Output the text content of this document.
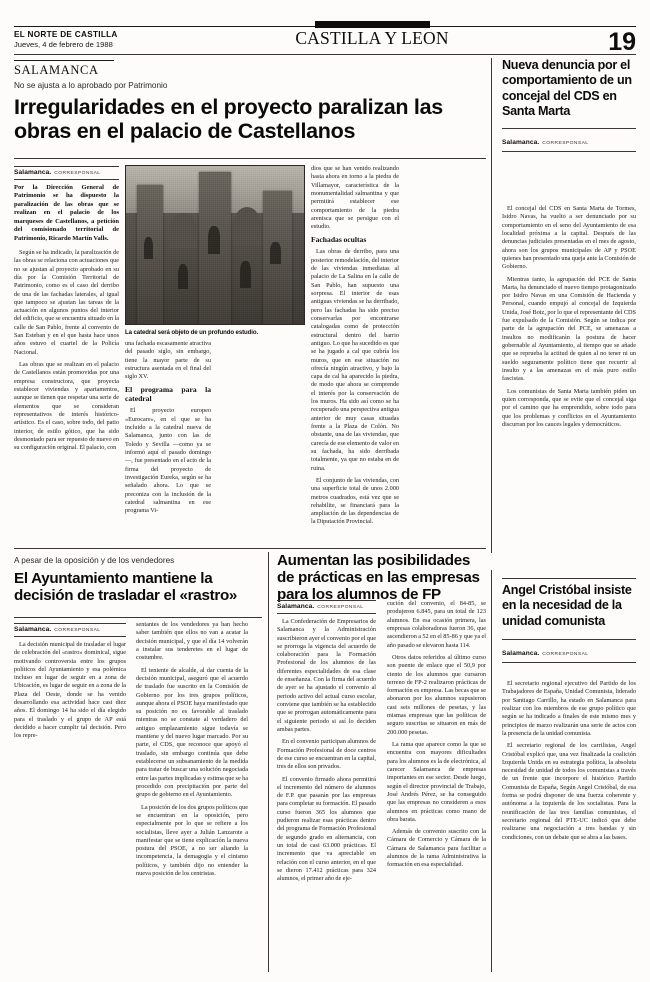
EL NORTE DE CASTILLA
Jueves, 4 de febrero de 1988	CASTILLA Y LEON	19
SALAMANCA
No se ajusta a lo aprobado por Patrimonio
Irregularidades en el proyecto paralizan las obras en el palacio de Castellanos
Salamanca. CORRESPONSAL

Por la Dirección General de Patrimonio se ha dispuesto la paralización de las obras que se realizan en el palacio de los marqueses de Castellanos, a petición del comisionado territorial de Patrimonio, Ricardo Martín Valls.

Según se ha indicado, la paralización de las obras se relaciona con actuaciones que no se ajustan al proyecto aprobado en su día por la Comisión Territorial de Patrimonio, como es el caso del derribo de una de las fachadas laterales, al igual que tampoco se ajustan las tareas de la actuación en algunos puntos del interior del edificio, que se encuentra situado en la calle de San Pablo, frente al convento de San Esteban y en el que hasta hace unos años estuvo el cuartel de la Policía Nacional.

Las obras que se realizan en el palacio de Castellanos están promovidas por una empresa constructora, que proyecta establecer viviendas y apartamentos, aunque se tienen que respetar una serie de elementos que se consideran representativos de interés histórico-artístico. Es el caso, sobre todo, del patio interior, de estilo gótico, que ha sido desmontado para ser repuesto de nuevo en su configuración original. El palacio, con

La catedral será objeto de un profundo estudio.

una fachada escasamente atractiva del pasado siglo, sin embargo, tiene la mayor parte de su estructura asentada en el final del siglo XV.

El programa para la catedral

El proyecto europeo «Eurocare», en el que se ha incluido a la catedral nueva de Salamanca, junto con las de Toledo y Sevilla —como ya se informó aquí el pasado domingo—, fue presentado en el acto de la firma del proyecto de investigación Eureka, según se ha señalado ahora. Lo que se preconiza con la inclusión de la catedral salmantina en ese programa Vi-

dios que se han venido realizando hasta ahora en torno a la piedra de Villamayor, característica de la monumentalidad salmantina y que permitirá establecer ese comportamiento de la piedra arenisca que se persigue con el estudio.

Fachadas ocultas

Las obras de derribo, para una posterior remodelación, del interior de las viviendas inmediatas al palacio de La Salina en la calle de San Pablo, han supuesto una sorpresa. El interior de esas antiguas viviendas se ha derribado, pero las fachadas ha sido preciso conservarlas por encontrarse catalogadas como de protección estructural dentro del barrio antiguo. Lo que ha sucedido es que se ha jugado a cal que cubría los muros, que en ese situación no ofrecía ningún atractivo, y bajo la capa de cal ha aparecido la piedra, de modo que ahora se comprende el interés por la conservación de los muros. Ha sido así como se ha recuperado una perspectiva antigua anterior de muy casas situadas frente a la Plaza de Colón. No obstante, una de las viviendas, que carecía de ese elemento de valor en su fachada, ha sido derribada totalmente, ya que no estaba en de ruina.

El conjunto de las viviendas, con una superficie total de unos 2.000 metros cuadrados, está vez que se rehabilite, se financiará para la ampliación de las dependencias de la Diputación Provincial.

Nueva denuncia por el comportamiento de un concejal del CDS en Santa Marta
Salamanca. CORRESPONSAL

El concejal del CDS en Santa Marta de Tormes, Isidro Navas, ha vuelto a ser denunciado por su comportamiento en el seno del Ayuntamiento de esa localidad próxima a la capital. Después de las denuncias judiciales presentadas en el mes de agosto, ahora son los grupos municipales de AP y PSOE quienes han presentado una queja ante la Comisión de Gobierno.

Mientras tanto, la agrupación del PCE de Santa Marta, ha denunciado el nuevo tiempo protagonizado por Isidro Navas en una Comisión de Hacienda y Personal, cuando empujó al concejal de Izquierda Unida, José Boiz, por lo que el representante del CDS fue expulsado de la Comisión. Según se indica por parte de la agrupación del PCE, se amenazas a insultos no modificarán la postura de hacer gobernable al Ayuntamiento, al tiempo que se añade que se reprueba la actitud de quien al no tener ni un sueldo seguramente político tiene que recurrir al insulto y a las amenazas en el más puro estilo fascistas.

Los comunistas de Santa Marta también piden un quien corresponda, que se evite que el concejal siga por el camino que ha emprendido, sobre todo para que los problemas y conflictos en el Ayuntamiento discurran por los cauces legales y democráticos.

A pesar de la oposición y de los vendedores
El Ayuntamiento mantiene la decisión de trasladar el «rastro»
Salamanca. CORRESPONSAL

La decisión municipal de trasladar el lugar de celebración del «rastro» dominical, sigue motivando controversia entre los grupos políticos del Ayuntamiento y esa polémica incluso en lugar de seguir en a zona de Ubicación, es lugar de seguir en a zona de la Plaza del Oeste, donde se ha venido desarrollando esa actividad hace casi diez años. El domingo 14 ha sido el día elegido para el traslado y el grupo de AP está decidido a hacer cumplir tal decisión. Pero los repre-

sentantes de los vendedores ya han hecho saber también que ellos no van a acatar la decisión municipal, y que el día 14 volverán a instalar sus tenderetes en el lugar de costumbre.

El teniente de alcalde, al dar cuenta de la decisión municipal, aseguró que el acuerdo de traslado fue suscrito en la Comisión de Gobierno por los tres grupos políticos, aunque ahora el PSOE haya manifestado que su posición no es favorable al traslado mientras no se constate al verdadero del antiguo emplazamiento sigue todavía se mantiene y del nuevo lugar marcado. Por su parte, el CDS, que reconoce que apoyó el traslado, sin embargo continúa que debe establecerse un subsanamiento de la medida para tratar de buscar una solución negociada entre las partes implicadas y estima que se ha procedido con precipitación por parte del grupo de gobierno en el Ayuntamiento.

La posición de los dos grupos políticos que se encuentran en la oposición, pero especialmente por lo que se refiere a los socialistas, lleve ayer a Julián Lanzarote a manifestar que se tiene explicación la nueva postura del PSOE, a no ser aliando la incompetencia, la demagogia y el cinismo políticos, y también dijo no entender la nueva posición de los centristas.

Aumentan las posibilidades de prácticas en las empresas para los alumnos de FP
Salamanca. CORRESPONSAL

La Confederación de Empresarios de Salamanca y la Administración suscribieron ayer el convenio por el que se prorroga la vigencia del acuerdo de colaboración para la Formación Profesional de los alumnos de las diferentes especialidades de esa clase de enseñanza. Con la firma del acuerdo de ayer se ha ajustado el convenio al periodo activo del actual curso escolar, conviene que también se ha establecido que se prorrogan automáticamente para el siguiente periodo si así lo deciden ambas partes.

En el convenio participan alumnos de Formación Profesional de doce centros de ese curso se encuentran en la capital, tres de ellos son privados.

El convenio firmado ahora permitirá el incremento del número de alumnos de F.P. que pasarán por las empresas para completar su formación. El pasado curso fueron 365 los alumnos que pudieron realizar esas prácticas dentro del programa de Formación Profesional de segundo grado en alternancia, con un total de casi 63.000 prácticas. El incremento que va apreciable en relación con el curso anterior, en el que se dieron 17.412 prácticas para 324 alumnos, el primer año de eje-

cución del convenio, el 84-85, se produjeron 6.845, para un total de 123 alumnos. En esa ocasión primera, las empresas colaboradoras fueron 36, que ascendieron a 52 en el 85-86 y que ya el año pasado se elevaron hasta 114.

Otros datos referidos al último curso son puente de enlace que el 50,9 por ciento de los alumnos que cursaron terreno de FP-2 realizaron prácticas de formación es empresa. Las becas que se abonaron por los alumnos supusieron casi seis millones de pesetas, y las mismas empresas que las políticas de seguro suscritas se situaron en más de 200.000 pesetas.

La rama que aparece como la que se encuentra con mayores dificultades para los alumnos es la de electrónica, al carecer Salamanca de empresas importantes en ese sector. Desde luego, según el director provincial de Trabajo, José Andrés Pérez, se ha conseguido que las empresas no consideren a esos alumnos en prácticas como mano de obra barata.

Además de convenio suscrito con la Cámara de Comercio y Cámara de la Cámara de Salamanca para facilitar a alumnos de la rama Administrativa la formación en esa especialidad.

Angel Cristóbal insiste en la necesidad de la unidad comunista
Salamanca. CORRESPONSAL

El secretario regional ejecutivo del Partido de los Trabajadores de España, Unidad Comunista, liderado por Santiago Carrillo, ha estado en Salamanca para realizar con los miembros de ese grupo político que según se ha indicado a finales de este mismo mes y principios de marzo realizarán una serie de actos con la presencia de la unidad comunista.

El secretario regional de los carrilistas, Angel Cristóbal explicó que, una vez finalizada la coalición Izquierda Unida en su estrategia política, la absoluta necesidad de unidad de todos los comunistas a través de un frente que incorpore el histórico Partido Comunista de España, Según Angel Cristóbal, de esa forma se podrá disponer de una fuerza coherente y autónoma a la izquierda de los socialistas. Para la reunificación de las tres familias comunistas, el secretario regional del PTE-UC indicó que debe realizarse una negociación a tres bandas y sin condiciones, con un debate que se abra a las bases.
